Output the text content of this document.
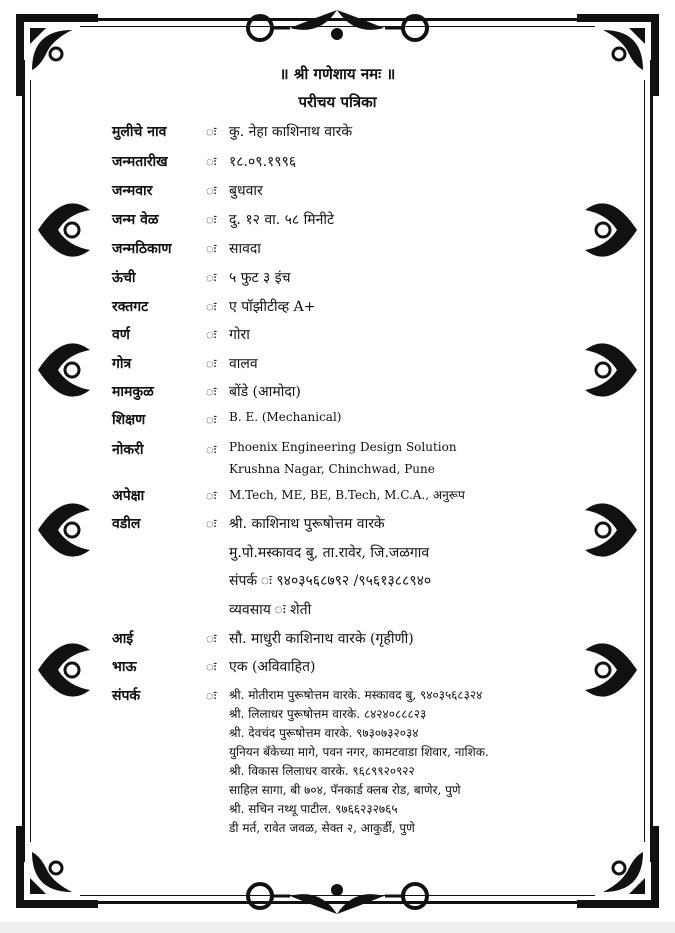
॥ श्री गणेशाय नमः ॥
परीचय पत्रिका
मुलीचे नाव	ः कु. नेहा काशिनाथ वारके
जन्मतारीख	ः १८.०९.१९९६
जन्मवार	ः बुधवार
जन्म वेळ	ः दु. १२ वा. ५८ मिनीटे
जन्मठिकाण	ः सावदा
ऊंची	ः ५ फुट ३ इंच
रक्तगट	ः ए पॉझीटीव्ह A+
वर्ण	ः गोरा
गोत्र	ः वालव
मामकुळ	ः बोंडे (आमोदा)
शिक्षण	ः B. E. (Mechanical)
नोकरी	ः Phoenix Engineering Design Solution
Krushna Nagar, Chinchwad, Pune
अपेक्षा	ः M.Tech, ME, BE, B.Tech, M.C.A., अनुरूप
वडील	ः श्री. काशिनाथ पुरूषोत्तम वारके
मु.पो.मस्कावद बु, ता.रावेर, जि.जळगाव
संपर्क ः ९४०३५६८७९२ /९५६१३८८९४०
व्यवसाय ः शेती
आई	ः सौ. माधुरी काशिनाथ वारके (गृहीणी)
भाऊ	ः एक (अविवाहित)
संपर्क	ः श्री. मोतीराम पुरूषोत्तम वारके. मस्कावद बु, ९४०३५६८३२४
श्री. लिलाधर पुरूषोत्तम वारके. ८४२४०८८८२३
श्री. देवचंद पुरूषोत्तम वारके. ९७३०७३२०३४
युनियन बँकेच्या मागे, पवन नगर, कामटवाडा शिवार, नाशिक.
श्री. विकास लिलाधर वारके. ९६८९९२०९२२
साहिल सागा, बी ७०४, पॅनकार्ड क्लब रोड, बाणेर, पुणे
श्री. सचिन नथ्थू पाटील. ९७६६२३२७६५
डी मर्त, रावेत जवळ, सेक्त २, आकुर्डी, पुणे
